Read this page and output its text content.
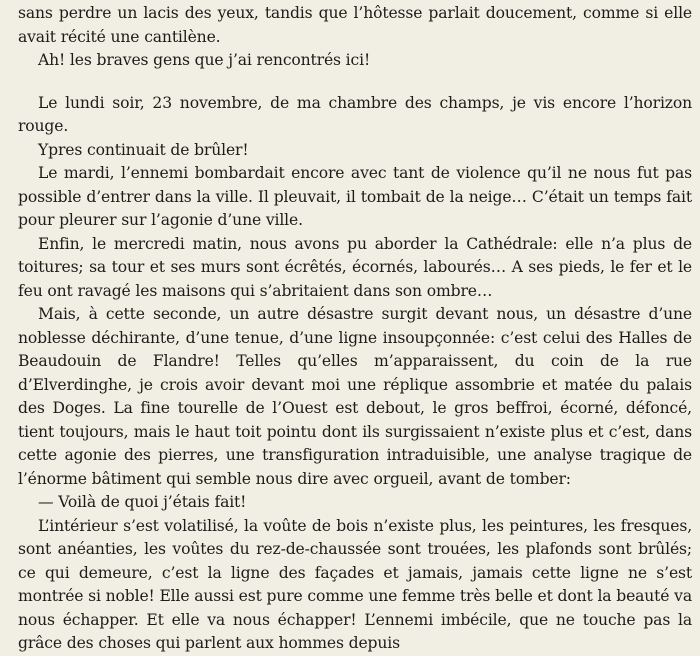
sans perdre un lacis des yeux, tandis que l’hôtesse parlait doucement, comme si elle avait récité une cantilène.

Ah! les braves gens que j’ai rencontrés ici!

Le lundi soir, 23 novembre, de ma chambre des champs, je vis encore l’horizon rouge.

Ypres continuait de brûler!

Le mardi, l’ennemi bombardait encore avec tant de violence qu’il ne nous fut pas possible d’entrer dans la ville. Il pleuvait, il tombait de la neige… C’était un temps fait pour pleurer sur l’agonie d’une ville.

Enfin, le mercredi matin, nous avons pu aborder la Cathédrale: elle n’a plus de toitures; sa tour et ses murs sont écrêtés, écornés, labourés… A ses pieds, le fer et le feu ont ravagé les maisons qui s’abritaient dans son ombre…

Mais, à cette seconde, un autre désastre surgit devant nous, un désastre d’une noblesse déchirante, d’une tenue, d’une ligne insoupçonnée: c’est celui des Halles de Beaudouin de Flandre! Telles qu’elles m’apparaissent, du coin de la rue d’Elverdinghe, je crois avoir devant moi une réplique assombrie et matée du palais des Doges. La fine tourelle de l’Ouest est debout, le gros beffroi, écorné, défoncé, tient toujours, mais le haut toit pointu dont ils surgissaient n’existe plus et c’est, dans cette agonie des pierres, une transfiguration intraduisible, une analyse tragique de l’énorme bâtiment qui semble nous dire avec orgueil, avant de tomber:

— Voilà de quoi j’étais fait!

L’intérieur s’est volatilisé, la voûte de bois n’existe plus, les peintures, les fresques, sont anéanties, les voûtes du rez-de-chaussée sont trouées, les plafonds sont brûlés; ce qui demeure, c’est la ligne des façades et jamais, jamais cette ligne ne s’est montrée si noble! Elle aussi est pure comme une femme très belle et dont la beauté va nous échapper. Et elle va nous échapper! L’ennemi imbécile, que ne touche pas la grâce des choses qui parlent aux hommes depuis
